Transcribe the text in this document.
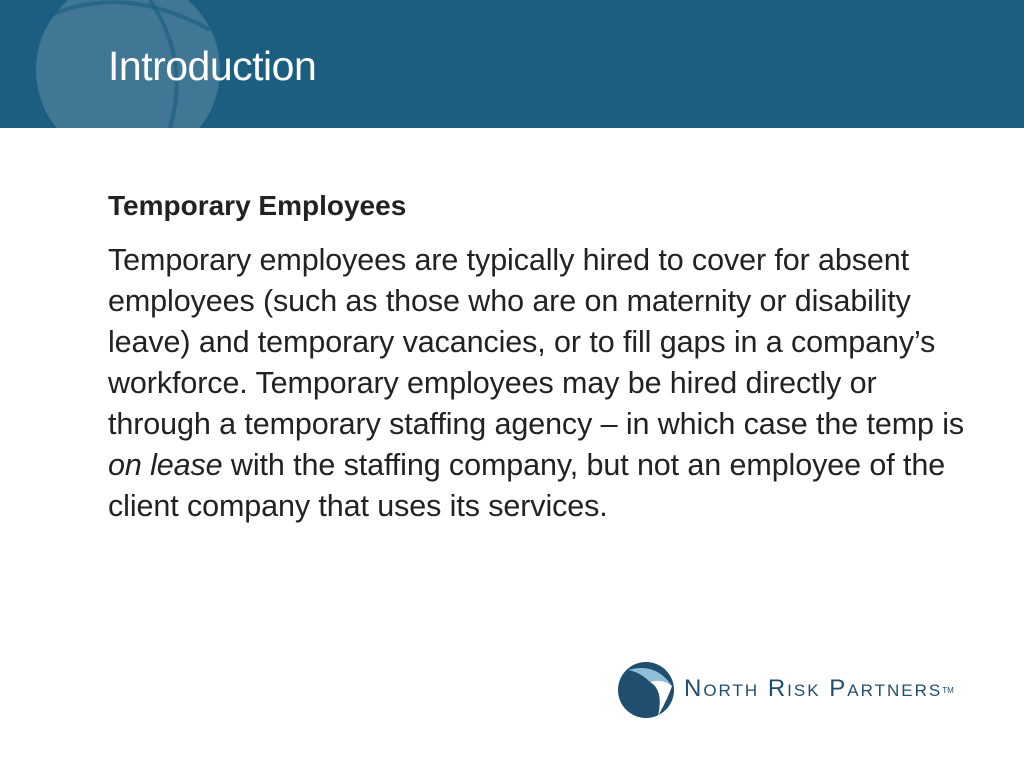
Introduction
Temporary Employees

Temporary employees are typically hired to cover for absent employees (such as those who are on maternity or disability leave) and temporary vacancies, or to fill gaps in a company’s workforce. Temporary employees may be hired directly or through a temporary staffing agency – in which case the temp is on lease with the staffing company, but not an employee of the client company that uses its services.

North Risk Partners™
